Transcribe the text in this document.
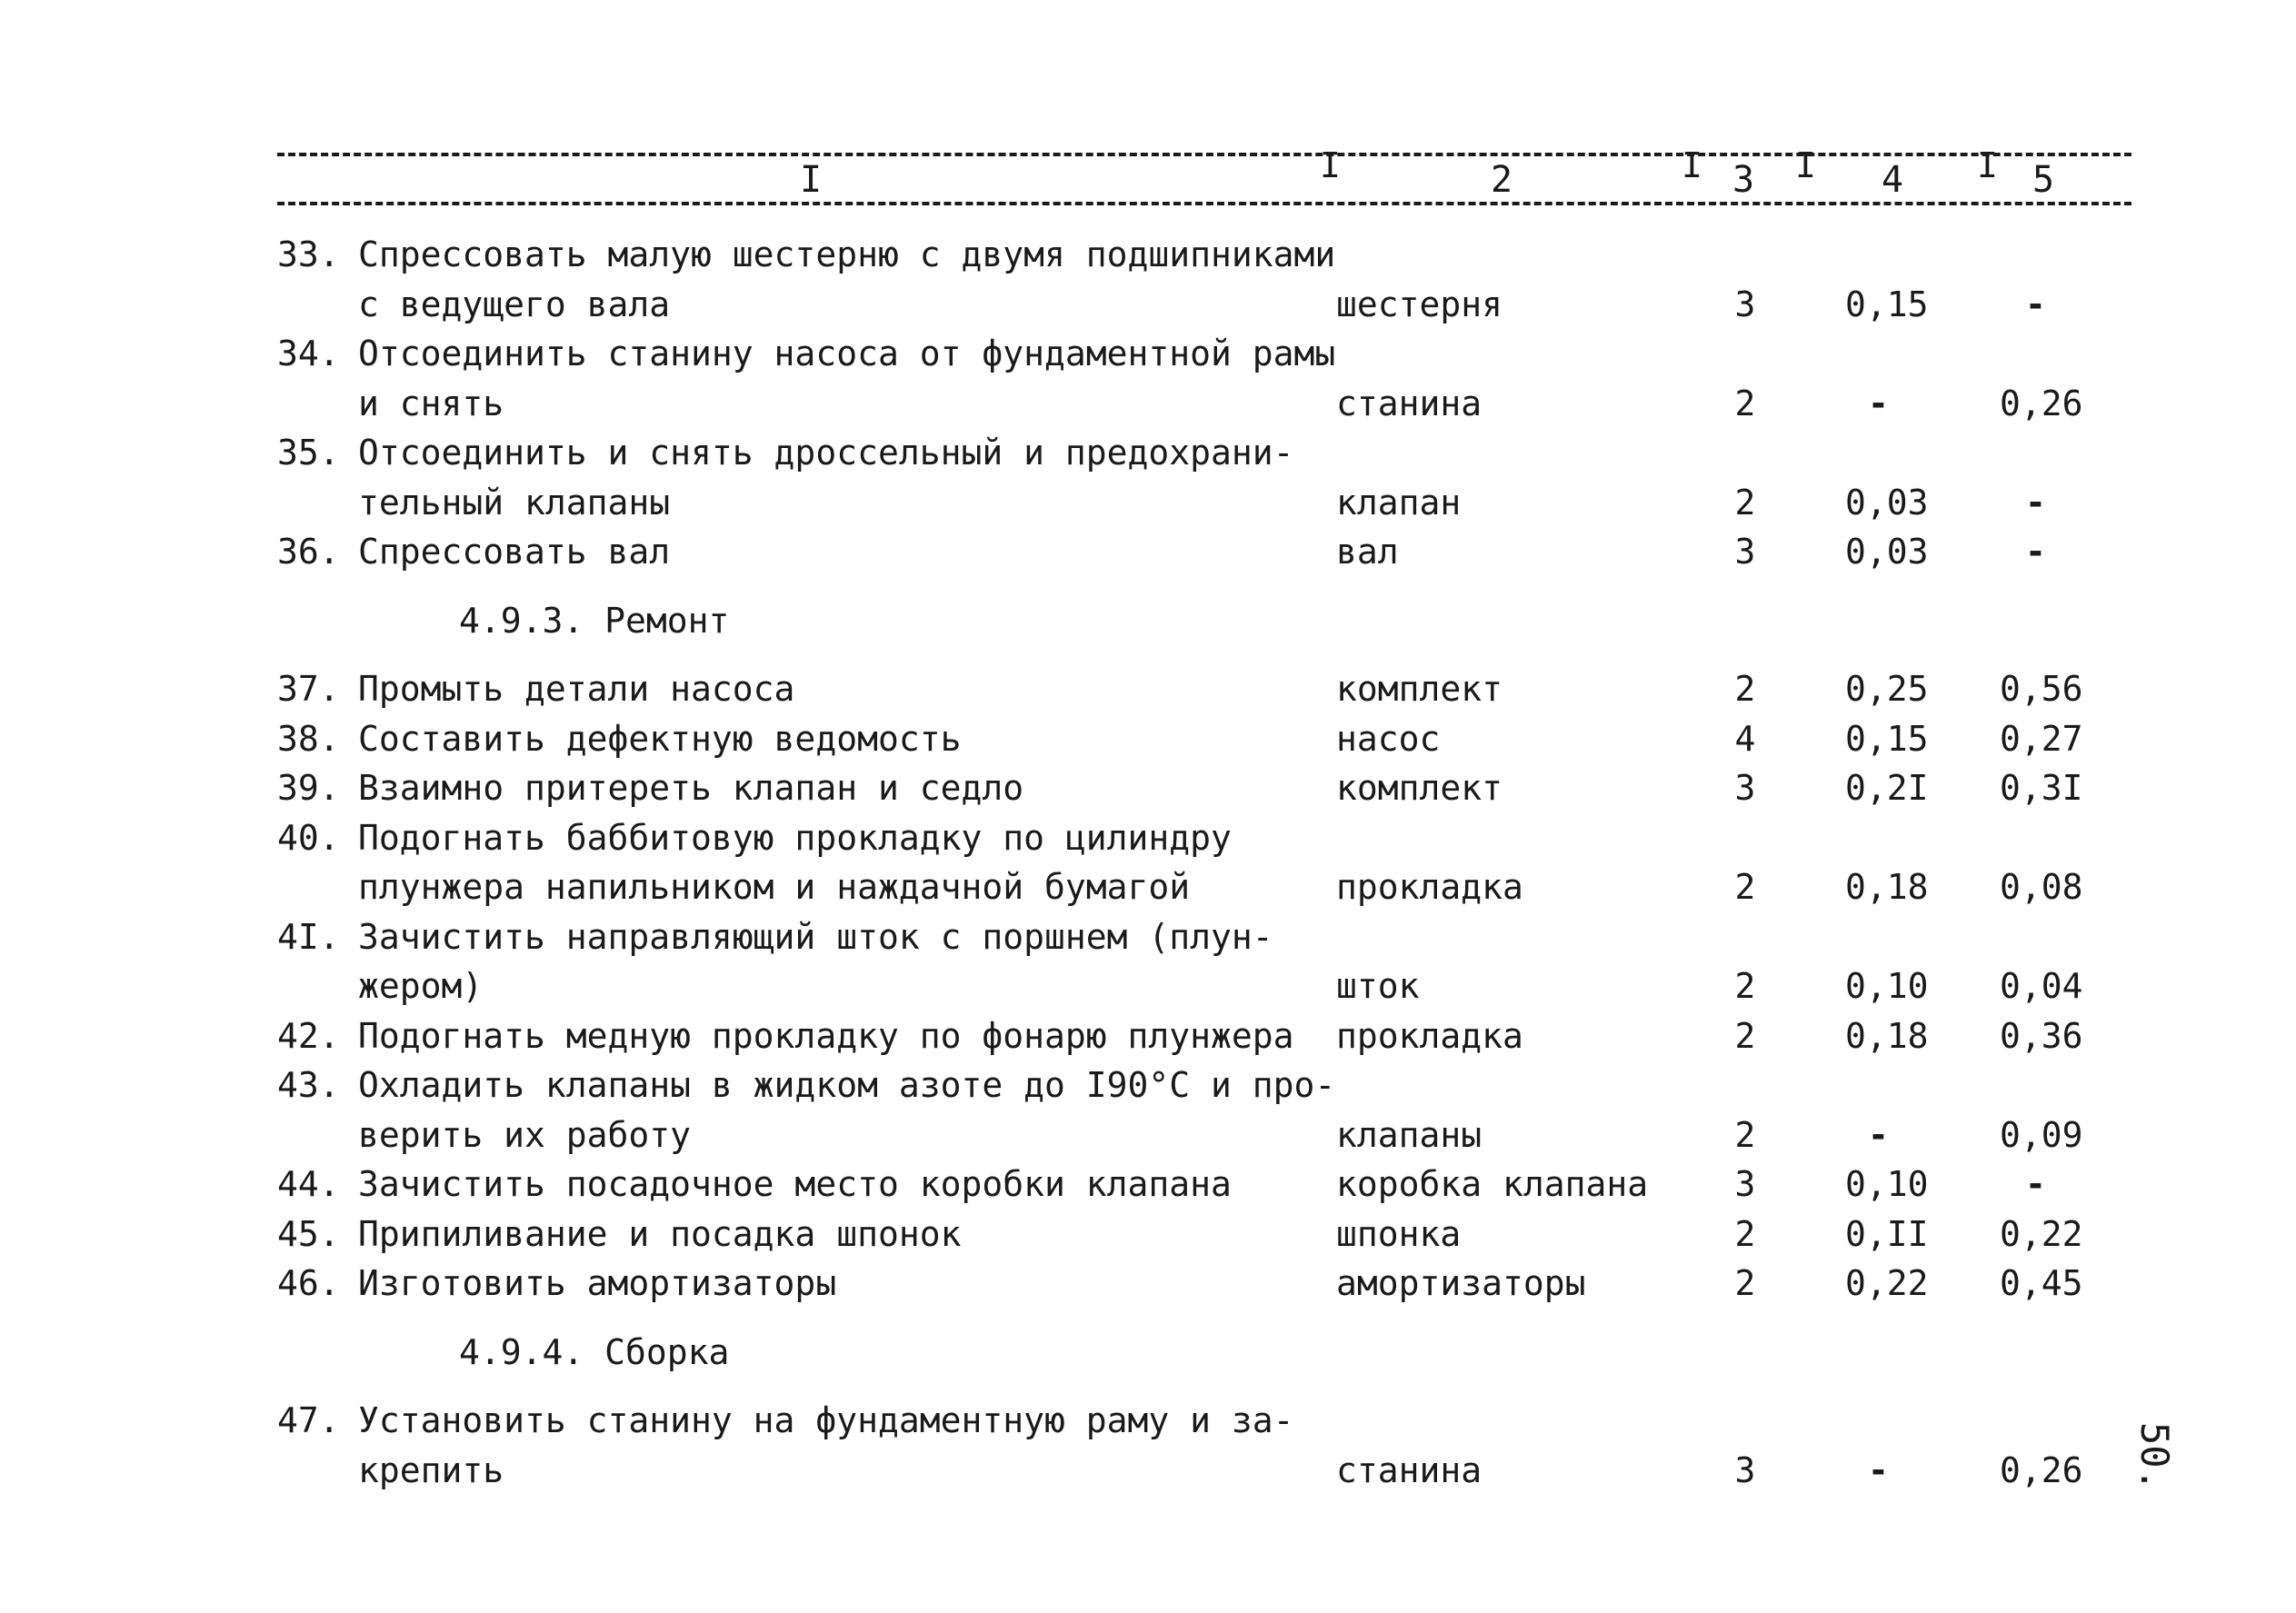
I	2	3	4	5
I	I	I	I
33. Спрессовать малую шестерню с двумя подшипниками
с ведущего вала	шестерня	3	0,15	-
34. Отсоединить станину насоса от фундаментной рамы
и снять	станина	2	-	0,26
35. Отсоединить и снять дроссельный и предохрани-
тельный клапаны	клапан	2	0,03	-
36. Спрессовать вал	вал	3	0,03	-
4.9.3. Ремонт
37. Промыть детали насоса	комплект	2	0,25	0,56
38. Составить дефектную ведомость	насос	4	0,15	0,27
39. Взаимно притереть клапан и седло	комплект	3	0,2I	0,3I
40. Подогнать баббитовую прокладку по цилиндру
плунжера напильником и наждачной бумагой	прокладка	2	0,18	0,08
4I. Зачистить направляющий шток с поршнем (плун-
жером)	шток	2	0,10	0,04
42. Подогнать медную прокладку по фонарю плунжера прокладка	2	0,18	0,36
43. Охладить клапаны в жидком азоте до I90°C и про-
верить их работу	клапаны	2	-	0,09
44. Зачистить посадочное место коробки клапана	коробка клапана	3	0,10	-
45. Припиливание и посадка шпонок	шпонка	2	0,II	0,22
46. Изготовить амортизаторы	амортизаторы	2	0,22	0,45
4.9.4. Сборка
47. Установить станину на фундаментную раму и за-
крепить	станина	3	-	0,26	50.
